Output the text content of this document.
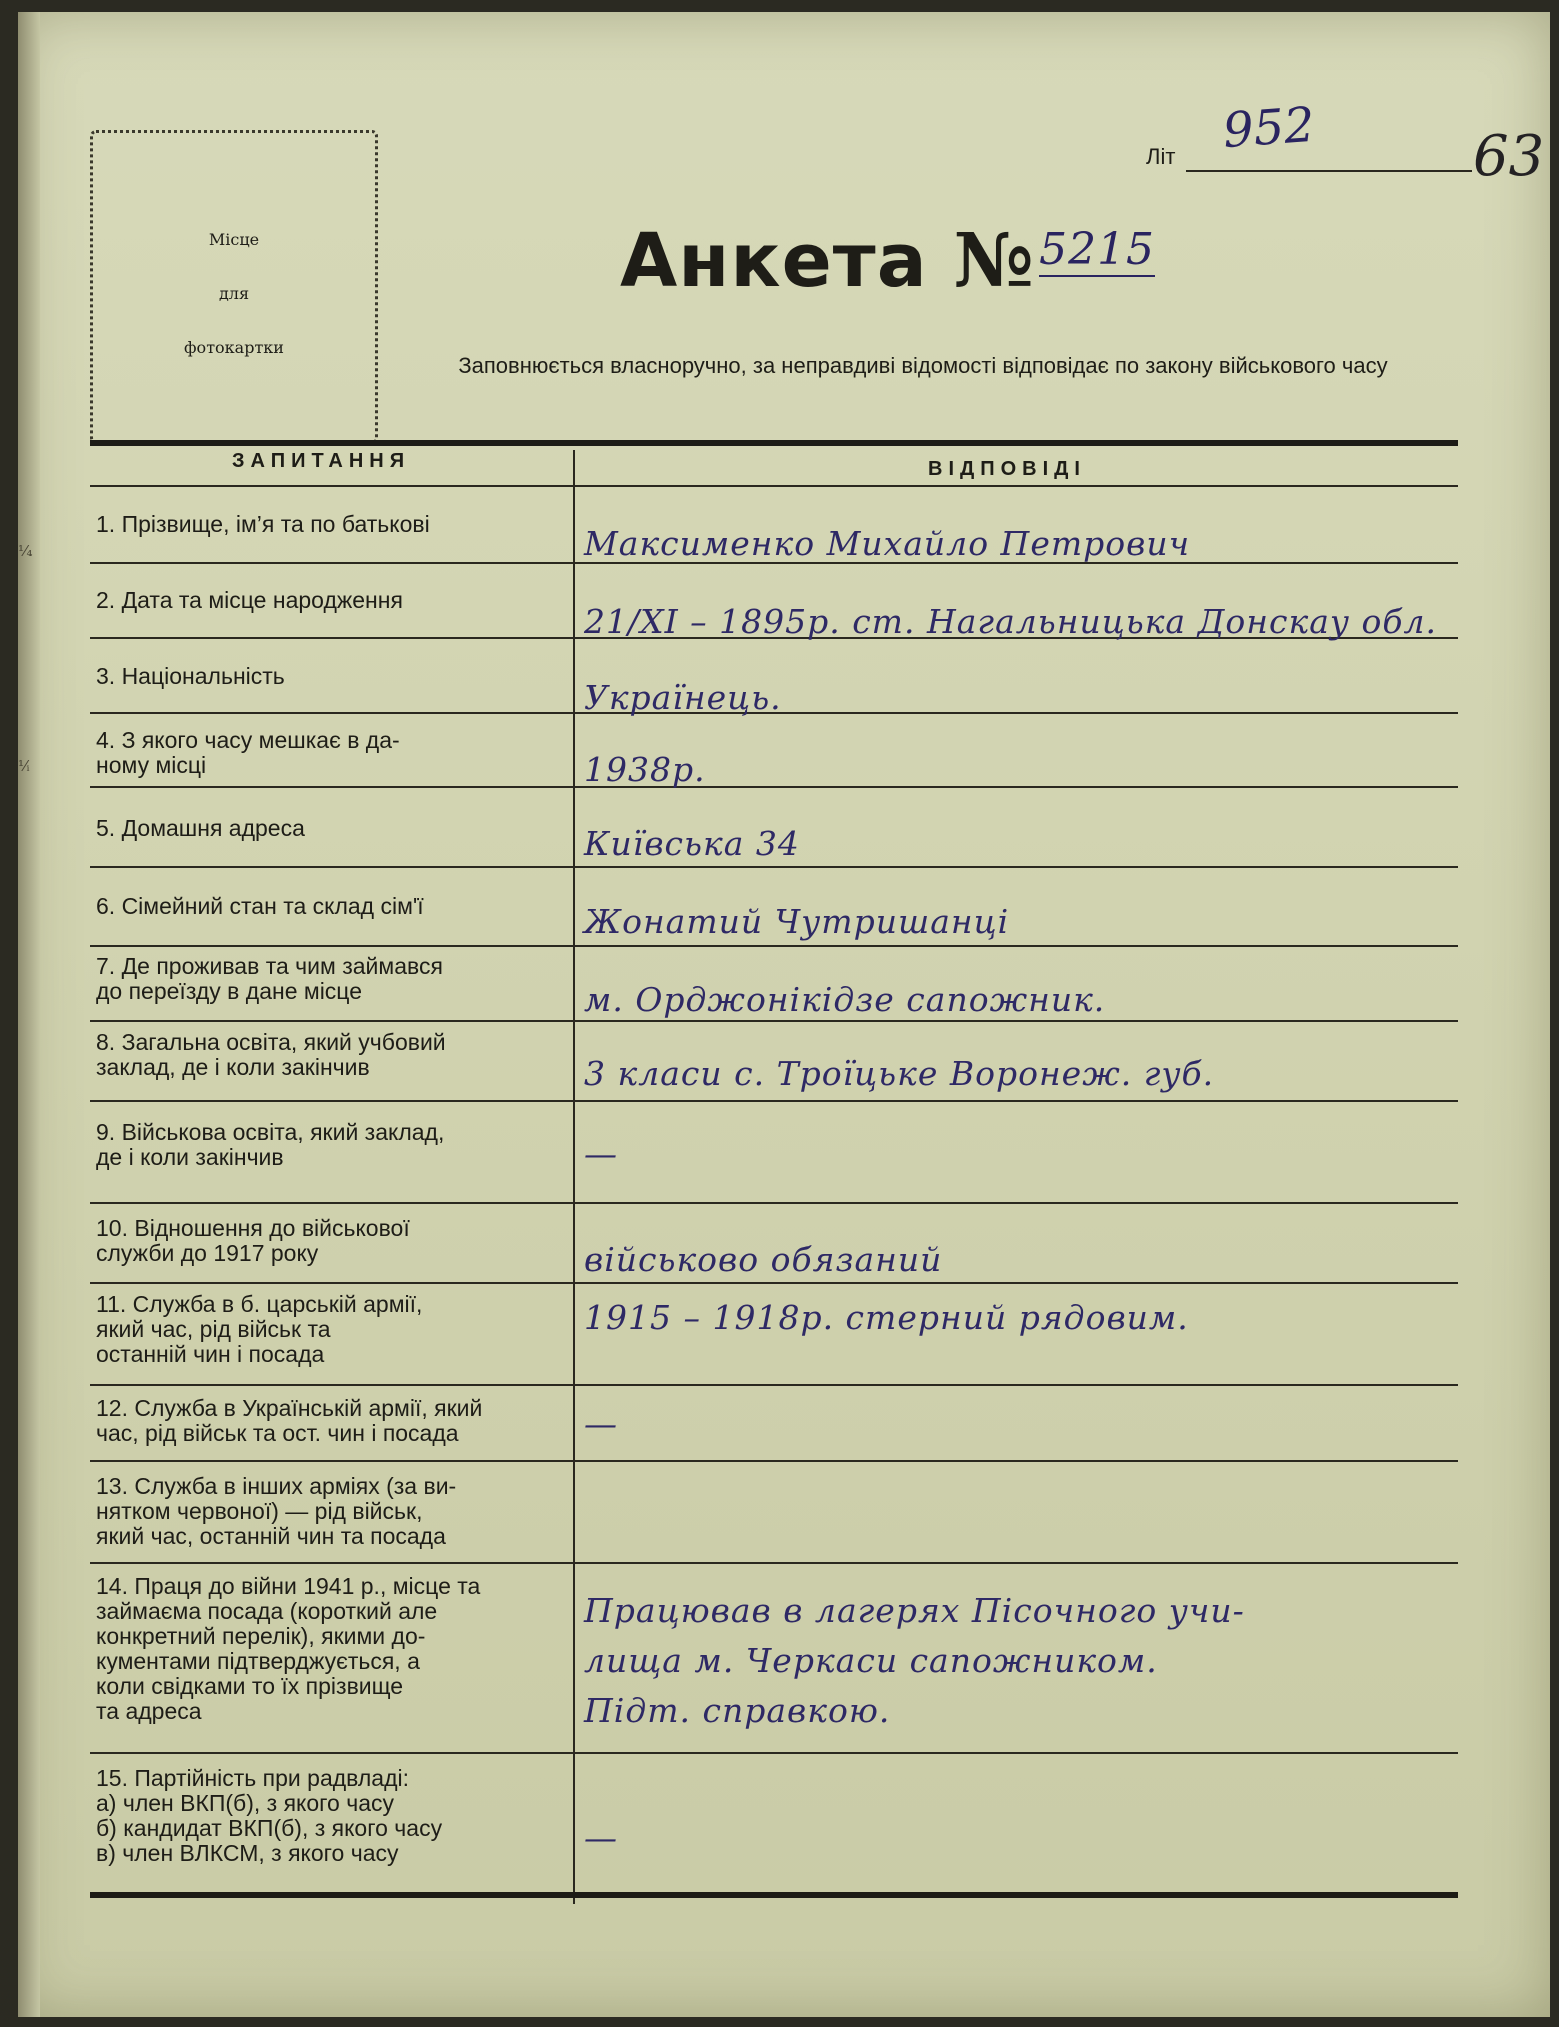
¹⁄₄
¹⁄ᵢ
Місце
для
фотокартки
Літ 952	63
Анкета №5215
Заповнюється власноручно, за неправдиві відомості відповідає по закону військового часу
ЗАПИТАННЯ	ВІДПОВІДІ
1. Прізвище, ім’я та по батькові
2. Дата та місце народження
3. Національність
4. З якого часу мешкає в да-
ному місці
5. Домашня адреса
6. Сімейний стан та склад сім'ї
7. Де проживав та чим займався
до переїзду в дане місце
8. Загальна освіта, який учбовий
заклад, де і коли закінчив
9. Військова освіта, який заклад,
де і коли закінчив
10. Відношення до військової
служби до 1917 року
11. Служба в б. царській армії,
який час, рід військ та
останній чин і посада
12. Служба в Українській армії, який
час, рід військ та ост. чин і посада
13. Служба в інших арміях (за ви-
нятком червоної) — рід військ,
який час, останній чин та посада
14. Праця до війни 1941 р., місце та
займаєма посада (короткий але
конкретний перелік), якими до-
кументами підтверджується, а
коли свідками то їх прізвище
та адреса
15. Партійність при радвладі:
а) член ВКП(б), з якого часу
б) кандидат ВКП(б), з якого часу
в) член ВЛКСМ, з якого часу
Максименко Михайло Петрович
21/XI – 1895р. ст. Нагальницька Донскау обл.
Українець.
1938р.
Київська 34
Жонатий Чутришанці
м. Орджонікідзе сапожник.
3 класи с. Троїцьке Воронеж. губ.
—
військово обязаний
1915 – 1918р. стерний рядовим.
—
Працював в лагерях Пісочного учи-
лища м. Черкаси сапожником.
Підт. справкою.
—
